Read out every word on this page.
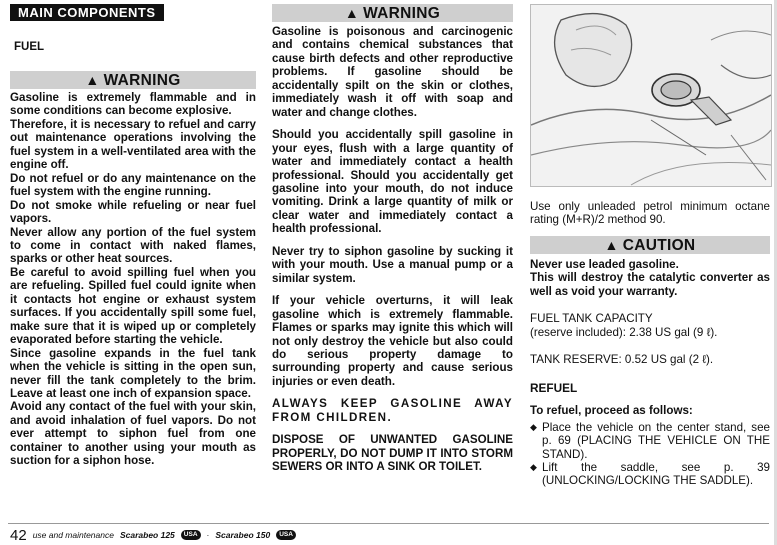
MAIN COMPONENTS
FUEL
▲ WARNING

Gasoline is extremely flammable and in some conditions can become explosive.

Therefore, it is necessary to refuel and carry out maintenance operations involving the fuel system in a well-ventilated area with the engine off.

Do not refuel or do any maintenance on the fuel system with the engine running.

Do not smoke while refueling or near fuel vapors.

Never allow any portion of the fuel system to come in contact with naked flames, sparks or other heat sources.

Be careful to avoid spilling fuel when you are refueling. Spilled fuel could ignite when it contacts hot engine or exhaust system surfaces. If you accidentally spill some fuel, make sure that it is wiped up or completely evaporated before starting the vehicle.

Since gasoline expands in the fuel tank when the vehicle is sitting in the open sun, never fill the tank completely to the brim. Leave at least one inch of expansion space.

Avoid any contact of the fuel with your skin, and avoid inhalation of fuel vapors. Do not ever attempt to siphon fuel from one container to another using your mouth as suction for a siphon hose.

▲ WARNING

Gasoline is poisonous and carcinogenic and contains chemical substances that cause birth defects and other reproductive problems. If gasoline should be accidentally spilt on the skin or clothes, immediately wash it off with soap and water and change clothes.

Should you accidentally spill gasoline in your eyes, flush with a large quantity of water and immediately contact a health professional. Should you accidentally get gasoline into your mouth, do not induce vomiting. Drink a large quantity of milk or clear water and immediately contact a health professional.

Never try to siphon gasoline by sucking it with your mouth. Use a manual pump or a similar system.

If your vehicle overturns, it will leak gasoline which is extremely flammable. Flames or sparks may ignite this which will not only destroy the vehicle but also could do serious property damage to surrounding property and cause serious injuries or even death.

ALWAYS KEEP GASOLINE AWAY FROM CHILDREN.

DISPOSE OF UNWANTED GASOLINE PROPERLY, DO NOT DUMP IT INTO STORM SEWERS OR INTO A SINK OR TOILET.

Use only unleaded petrol minimum octane rating (M+R)/2 method 90.
▲ CAUTION

Never use leaded gasoline.

This will destroy the catalytic converter as well as void your warranty.

FUEL TANK CAPACITY

(reserve included): 2.38 US gal (9 ℓ).

TANK RESERVE: 0.52 US gal (2 ℓ).
REFUEL
To refuel, proceed as follows:
◆ Place the vehicle on the center stand, see p. 69 (PLACING THE VEHICLE ON THE STAND).
◆ Lift the saddle, see p. 39 (UNLOCKING/LOCKING THE SADDLE).
42 use and maintenance Scarabeo 125	USA	· Scarabeo 150	USA
